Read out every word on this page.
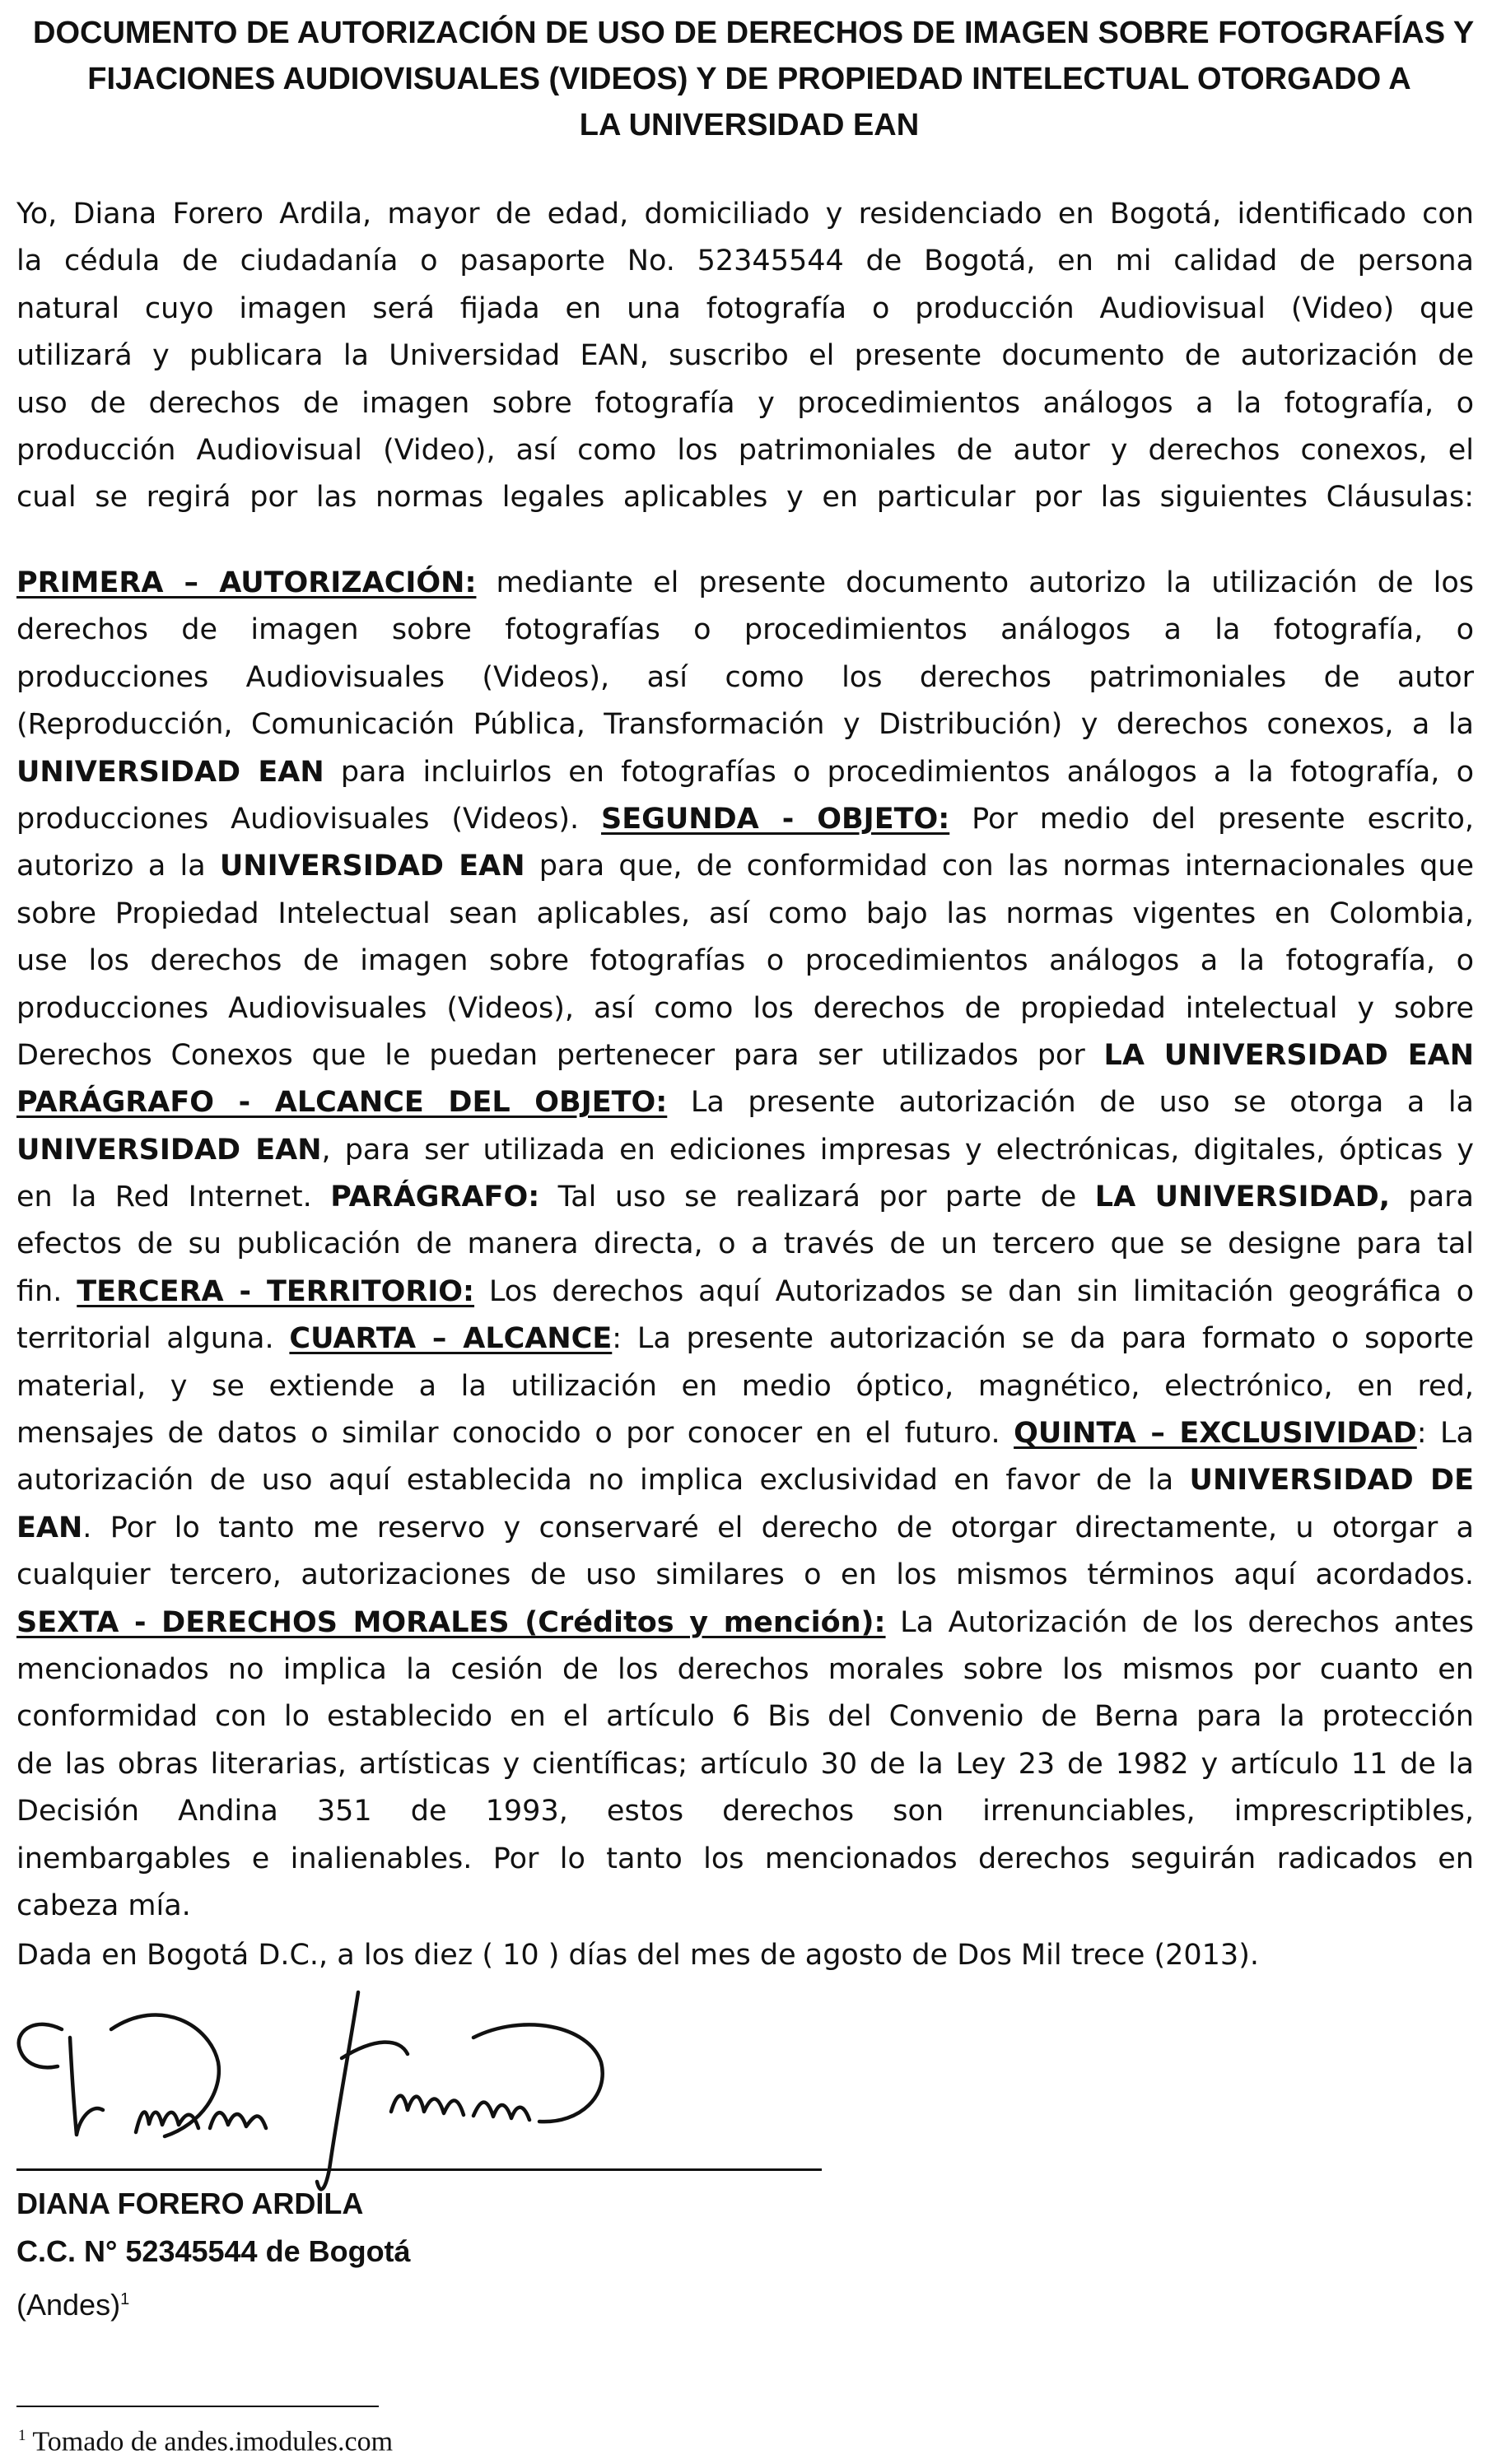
DOCUMENTO DE AUTORIZACIÓN DE USO DE DERECHOS DE IMAGEN SOBRE FOTOGRAFÍAS Y
FIJACIONES AUDIOVISUALES (VIDEOS) Y DE PROPIEDAD INTELECTUAL OTORGADO A
LA UNIVERSIDAD EAN
Yo, Diana Forero Ardila, mayor de edad, domiciliado y residenciado en Bogotá, identificado con
la cédula de ciudadanía o pasaporte No. 52345544 de Bogotá, en mi calidad de persona
natural cuyo imagen será fijada en una fotografía o producción Audiovisual (Video) que
utilizará y publicara la Universidad EAN, suscribo el presente documento de autorización de
uso de derechos de imagen sobre fotografía y procedimientos análogos a la fotografía, o
producción Audiovisual (Video), así como los patrimoniales de autor y derechos conexos, el
cual se regirá por las normas legales aplicables y en particular por las siguientes Cláusulas:
PRIMERA – AUTORIZACIÓN: mediante el presente documento autorizo la utilización de los
derechos de imagen sobre fotografías o procedimientos análogos a la fotografía, o
producciones Audiovisuales (Videos), así como los derechos patrimoniales de autor
(Reproducción, Comunicación Pública, Transformación y Distribución) y derechos conexos, a la
UNIVERSIDAD EAN para incluirlos en fotografías o procedimientos análogos a la fotografía, o
producciones Audiovisuales (Videos). SEGUNDA - OBJETO: Por medio del presente escrito,
autorizo a la UNIVERSIDAD EAN para que, de conformidad con las normas internacionales que
sobre Propiedad Intelectual sean aplicables, así como bajo las normas vigentes en Colombia,
use los derechos de imagen sobre fotografías o procedimientos análogos a la fotografía, o
producciones Audiovisuales (Videos), así como los derechos de propiedad intelectual y sobre
Derechos Conexos que le puedan pertenecer para ser utilizados por LA UNIVERSIDAD EAN
PARÁGRAFO - ALCANCE DEL OBJETO: La presente autorización de uso se otorga a la
UNIVERSIDAD EAN, para ser utilizada en ediciones impresas y electrónicas, digitales, ópticas y
en la Red Internet. PARÁGRAFO: Tal uso se realizará por parte de LA UNIVERSIDAD, para
efectos de su publicación de manera directa, o a través de un tercero que se designe para tal
fin. TERCERA - TERRITORIO: Los derechos aquí Autorizados se dan sin limitación geográfica o
territorial alguna. CUARTA – ALCANCE: La presente autorización se da para formato o soporte
material, y se extiende a la utilización en medio óptico, magnético, electrónico, en red,
mensajes de datos o similar conocido o por conocer en el futuro. QUINTA – EXCLUSIVIDAD: La
autorización de uso aquí establecida no implica exclusividad en favor de la UNIVERSIDAD DE
EAN. Por lo tanto me reservo y conservaré el derecho de otorgar directamente, u otorgar a
cualquier tercero, autorizaciones de uso similares o en los mismos términos aquí acordados.
SEXTA - DERECHOS MORALES (Créditos y mención): La Autorización de los derechos antes
mencionados no implica la cesión de los derechos morales sobre los mismos por cuanto en
conformidad con lo establecido en el artículo 6 Bis del Convenio de Berna para la protección
de las obras literarias, artísticas y científicas; artículo 30 de la Ley 23 de 1982 y artículo 11 de la
Decisión Andina 351 de 1993, estos derechos son irrenunciables, imprescriptibles,
inembargables e inalienables. Por lo tanto los mencionados derechos seguirán radicados en
cabeza mía.
Dada en Bogotá D.C., a los diez ( 10 ) días del mes de agosto de Dos Mil trece (2013).
DIANA FORERO ARDILA
C.C. N° 52345544 de Bogotá
(Andes)$^1$
$^1$ Tomado de andes.imodules.com
